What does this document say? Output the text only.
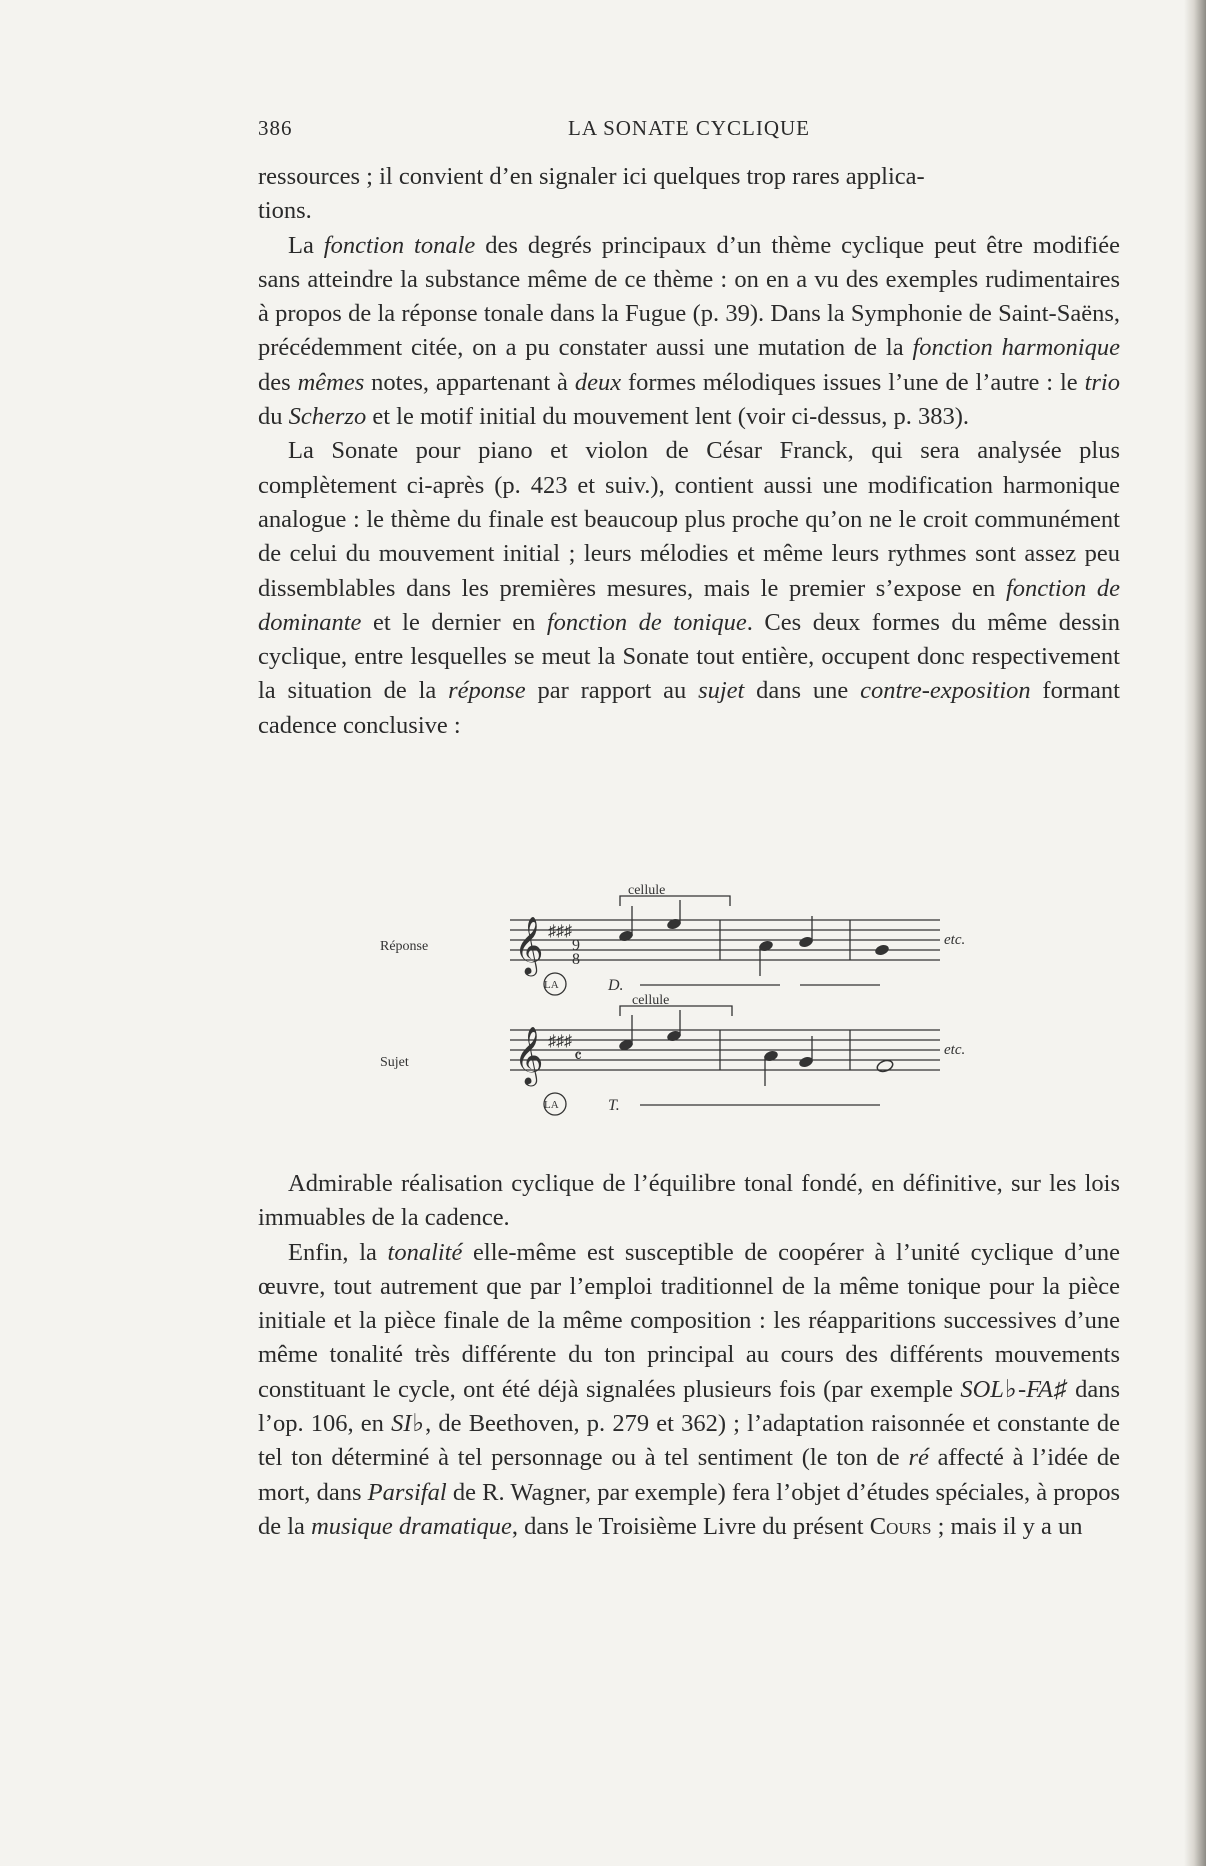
386	LA SONATE CYCLIQUE

ressources ; il convient d’en signaler ici quelques trop rares applica-
tions.

La fonction tonale des degrés principaux d’un thème cyclique peut être modifiée sans atteindre la substance même de ce thème : on en a vu des exemples rudimentaires à propos de la réponse tonale dans la Fugue (p. 39). Dans la Symphonie de Saint-Saëns, précédemment citée, on a pu constater aussi une mutation de la fonction harmonique des mêmes notes, appartenant à deux formes mélodiques issues l’une de l’autre : le trio du Scherzo et le motif initial du mouvement lent (voir ci-dessus, p. 383).

La Sonate pour piano et violon de César Franck, qui sera analysée plus complètement ci-après (p. 423 et suiv.), contient aussi une modification harmonique analogue : le thème du finale est beaucoup plus proche qu’on ne le croit communément de celui du mouvement initial ; leurs mélodies et même leurs rythmes sont assez peu dissemblables dans les premières mesures, mais le premier s’expose en fonction de dominante et le dernier en fonction de tonique. Ces deux formes du même dessin cyclique, entre lesquelles se meut la Sonate tout entière, occupent donc respectivement la situation de la réponse par rapport au sujet dans une contre-exposition formant cadence conclusive :

𝄞 ♯♯♯
9
8
𝄞 ♯♯♯
𝄴
Réponse
Sujet
cellule
cellule
LA
LA
D.
T.
etc.
etc.

Admirable réalisation cyclique de l’équilibre tonal fondé, en définitive, sur les lois immuables de la cadence.

Enfin, la tonalité elle-même est susceptible de coopérer à l’unité cyclique d’une œuvre, tout autrement que par l’emploi traditionnel de la même tonique pour la pièce initiale et la pièce finale de la même composition : les réapparitions successives d’une même tonalité très différente du ton principal au cours des différents mouvements constituant le cycle, ont été déjà signalées plusieurs fois (par exemple SOL♭-FA♯ dans l’op. 106, en SI♭, de Beethoven, p. 279 et 362) ; l’adaptation raisonnée et constante de tel ton déterminé à tel personnage ou à tel sentiment (le ton de ré affecté à l’idée de mort, dans Parsifal de R. Wagner, par exemple) fera l’objet d’études spéciales, à propos de la musique dramatique, dans le Troisième Livre du présent Cours ; mais il y a un
